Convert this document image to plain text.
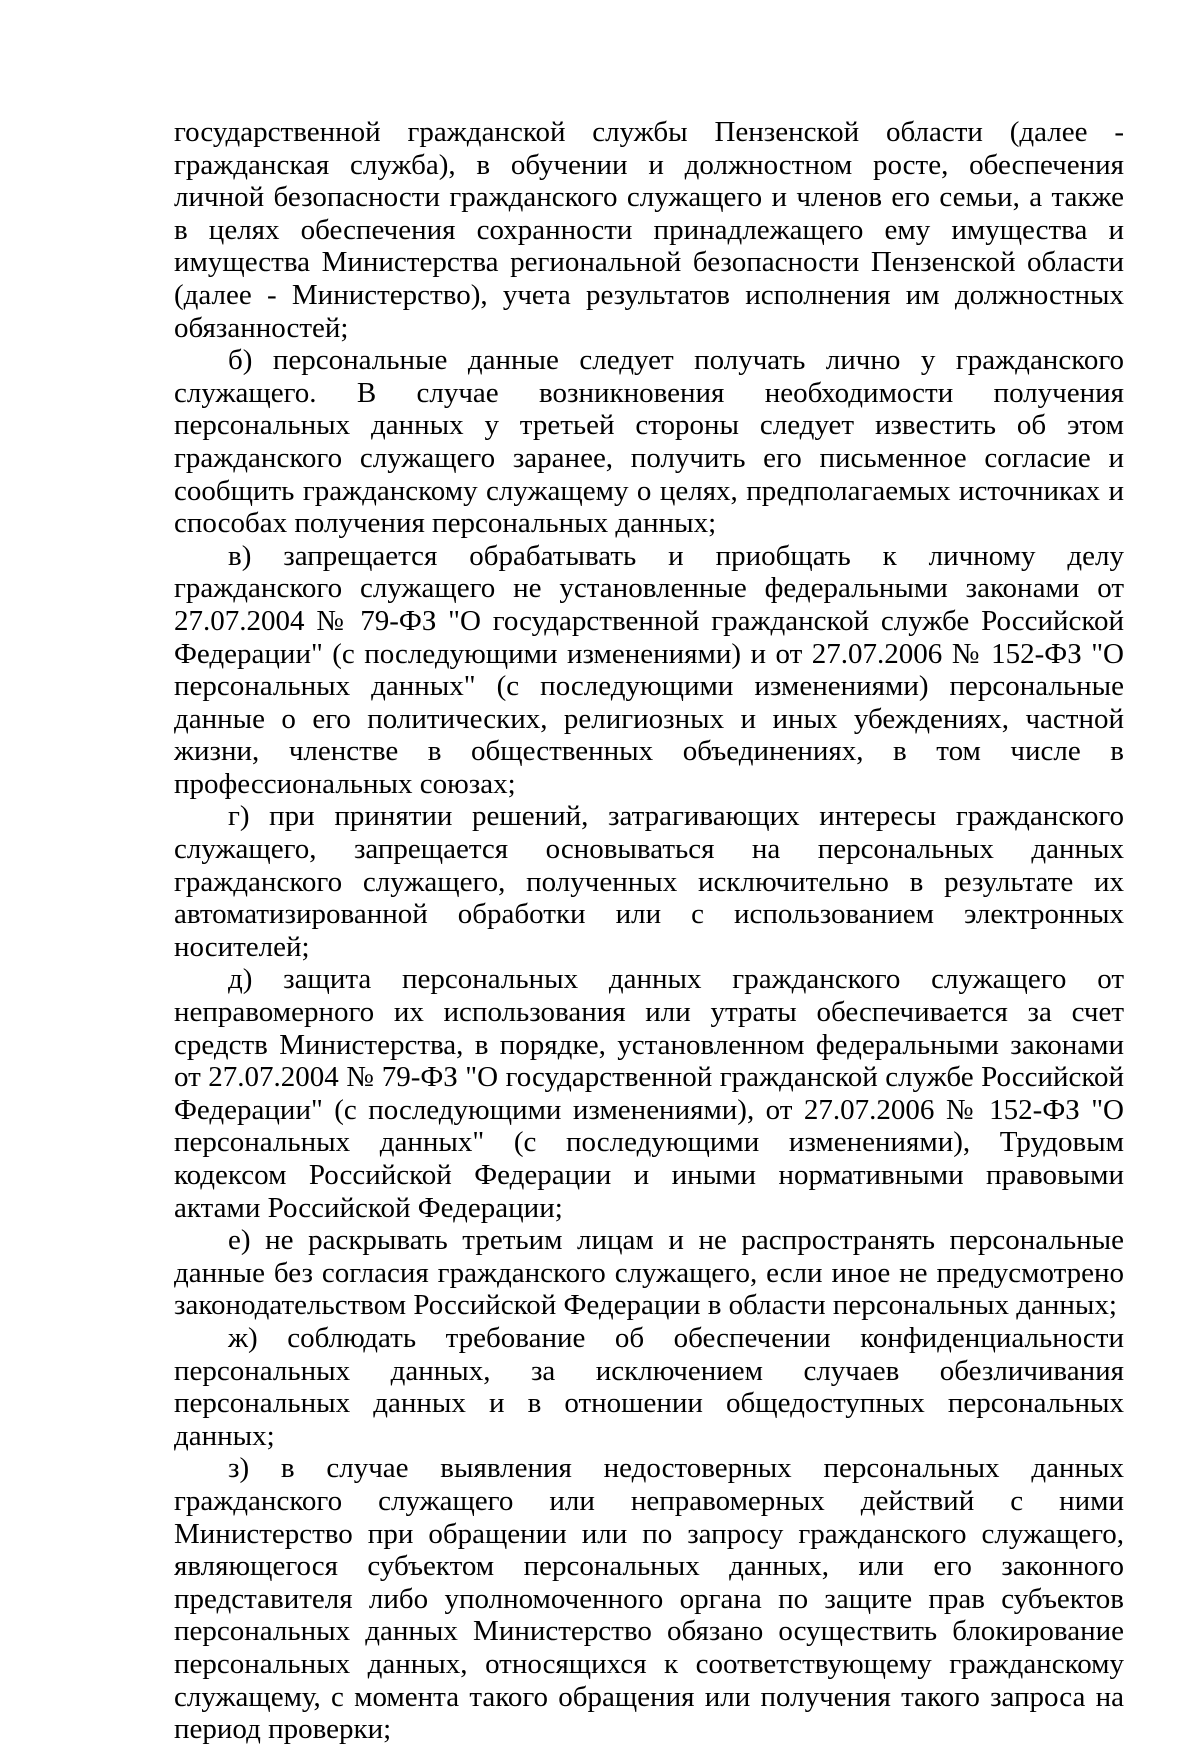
государственной гражданской службы Пензенской области (далее - гражданская служба), в обучении и должностном росте, обеспечения личной безопасности гражданского служащего и членов его семьи, а также в целях обеспечения сохранности принадлежащего ему имущества и имущества Министерства региональной безопасности Пензенской области (далее - Министерство), учета результатов исполнения им должностных обязанностей;

б) персональные данные следует получать лично у гражданского служащего. В случае возникновения необходимости получения персональных данных у третьей стороны следует известить об этом гражданского служащего заранее, получить его письменное согласие и сообщить гражданскому служащему о целях, предполагаемых источниках и способах получения персональных данных;

в) запрещается обрабатывать и приобщать к личному делу гражданского служащего не установленные федеральными законами от 27.07.2004 № 79-ФЗ "О государственной гражданской службе Российской Федерации" (с последующими изменениями) и от 27.07.2006 № 152-ФЗ "О персональных данных" (с последующими изменениями) персональные данные о его политических, религиозных и иных убеждениях, частной жизни, членстве в общественных объединениях, в том числе в профессиональных союзах;

г) при принятии решений, затрагивающих интересы гражданского служащего, запрещается основываться на персональных данных гражданского служащего, полученных исключительно в результате их автоматизированной обработки или с использованием электронных носителей;

д) защита персональных данных гражданского служащего от неправомерного их использования или утраты обеспечивается за счет средств Министерства, в порядке, установленном федеральными законами от 27.07.2004 № 79-ФЗ "О государственной гражданской службе Российской Федерации" (с последующими изменениями), от 27.07.2006 № 152-ФЗ "О персональных данных" (с последующими изменениями), Трудовым кодексом Российской Федерации и иными нормативными правовыми актами Российской Федерации;

е) не раскрывать третьим лицам и не распространять персональные данные без согласия гражданского служащего, если иное не предусмотрено законодательством Российской Федерации в области персональных данных;

ж) соблюдать требование об обеспечении конфиденциальности персональных данных, за исключением случаев обезличивания персональных данных и в отношении общедоступных персональных данных;

з) в случае выявления недостоверных персональных данных гражданского служащего или неправомерных действий с ними Министерство при обращении или по запросу гражданского служащего, являющегося субъектом персональных данных, или его законного представителя либо уполномоченного органа по защите прав субъектов персональных данных Министерство обязано осуществить блокирование персональных данных, относящихся к соответствующему гражданскому служащему, с момента такого обращения или получения такого запроса на период проверки;
